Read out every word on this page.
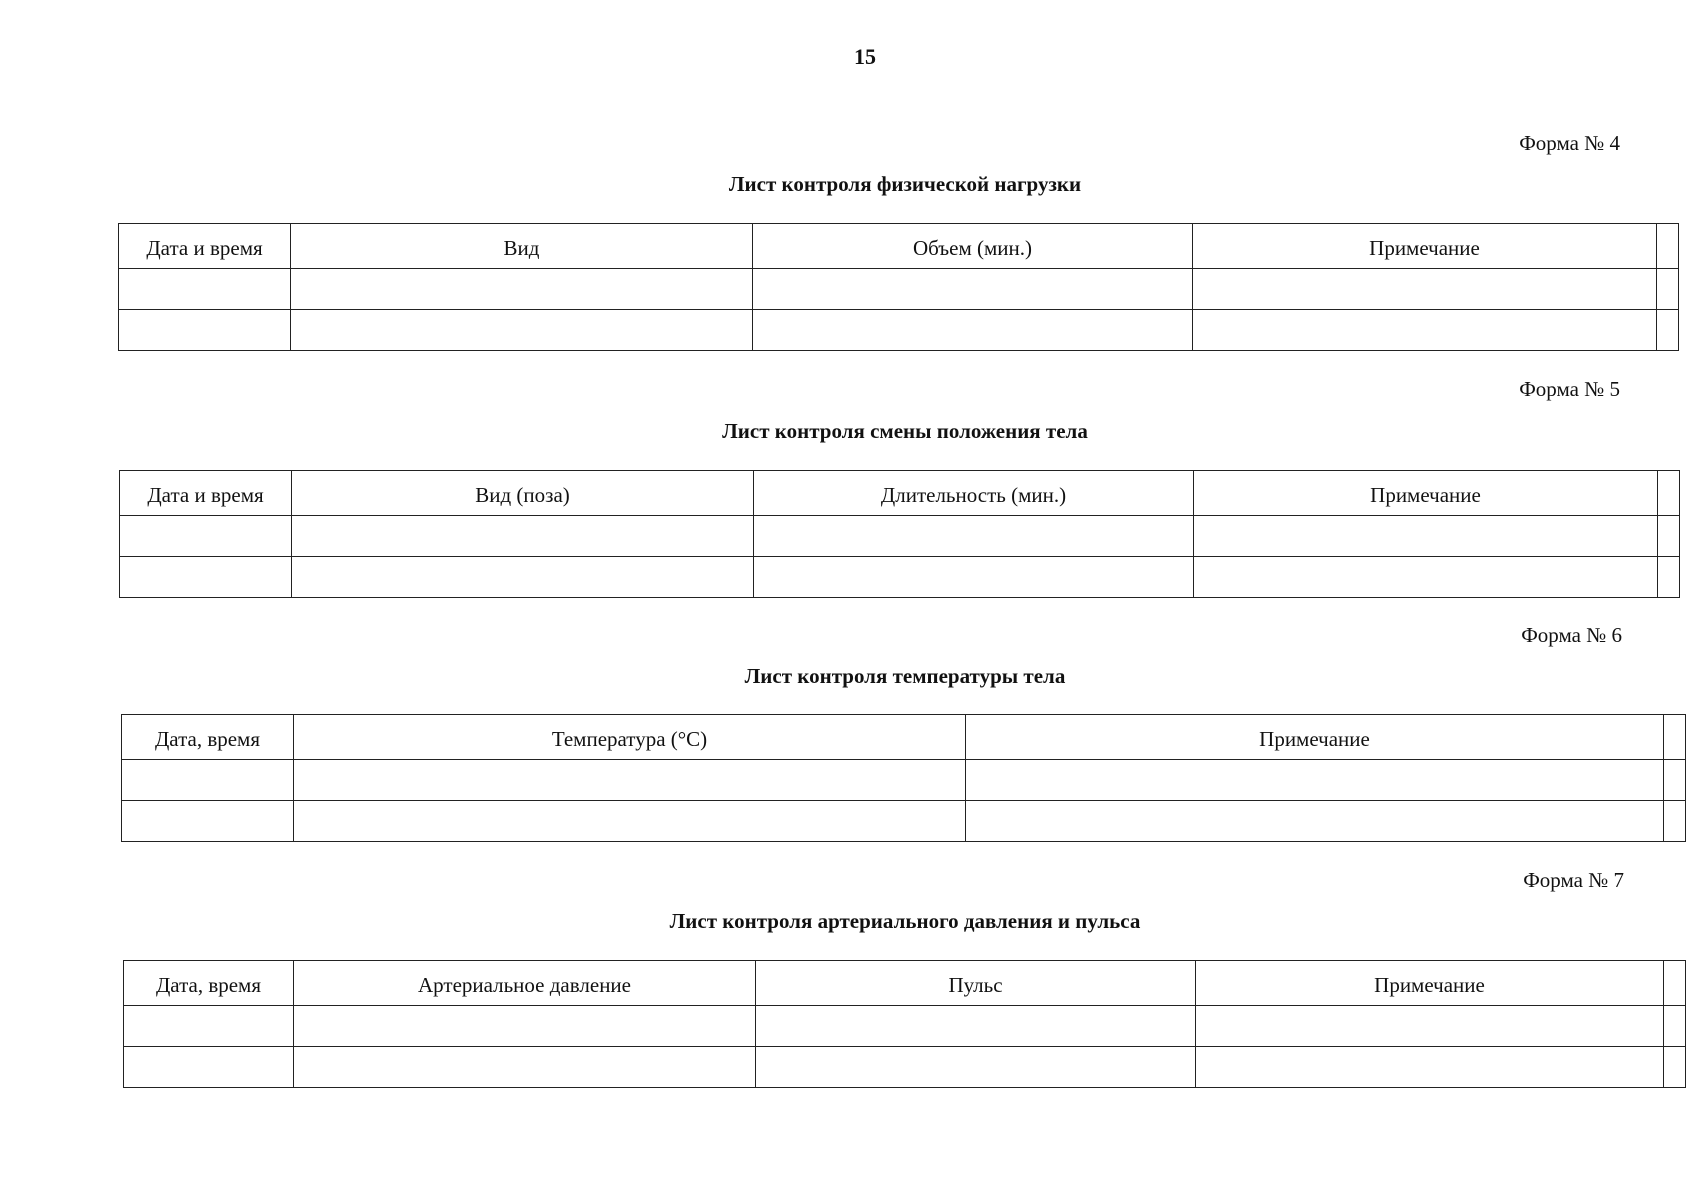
15
Форма № 4
Лист контроля физической нагрузки
Дата и время	Вид	Объем (мин.)	Примечание	

Форма № 5
Лист контроля смены положения тела
Дата и время	Вид (поза)	Длительность (мин.)	Примечание	

Форма № 6
Лист контроля температуры тела
Дата, время	Температура (°C)	Примечание	

Форма № 7
Лист контроля артериального давления и пульса
Дата, время	Артериальное давление	Пульс	Примечание	
